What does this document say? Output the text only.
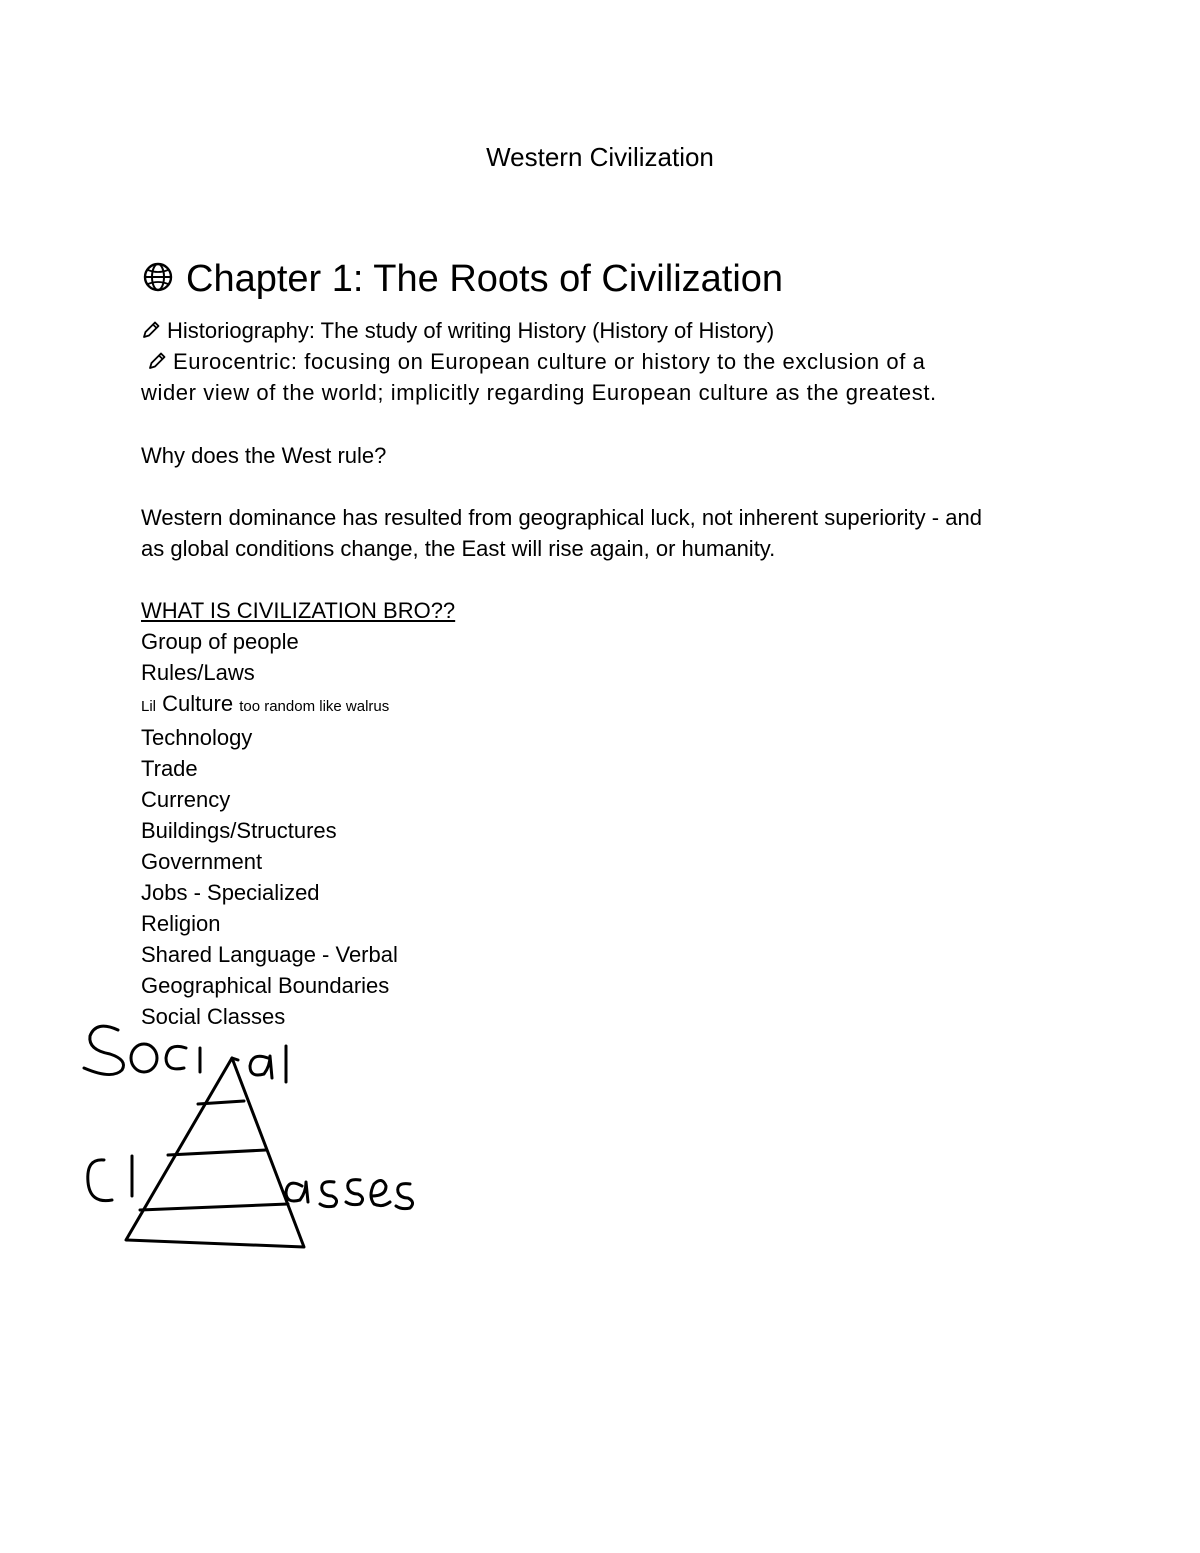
Western Civilization
Chapter 1: The Roots of Civilization
Historiography: The study of writing History (History of History)
Eurocentric: focusing on European culture or history to the exclusion of a
wider view of the world; implicitly regarding European culture as the greatest.
Why does the West rule?
Western dominance has resulted from geographical luck, not inherent superiority - and
as global conditions change, the East will rise again, or humanity.
WHAT IS CIVILIZATION BRO??
Group of people
Rules/Laws
Lil Culture too random like walrus
Technology
Trade
Currency
Buildings/Structures
Government
Jobs - Specialized
Religion
Shared Language - Verbal
Geographical Boundaries
Social Classes
